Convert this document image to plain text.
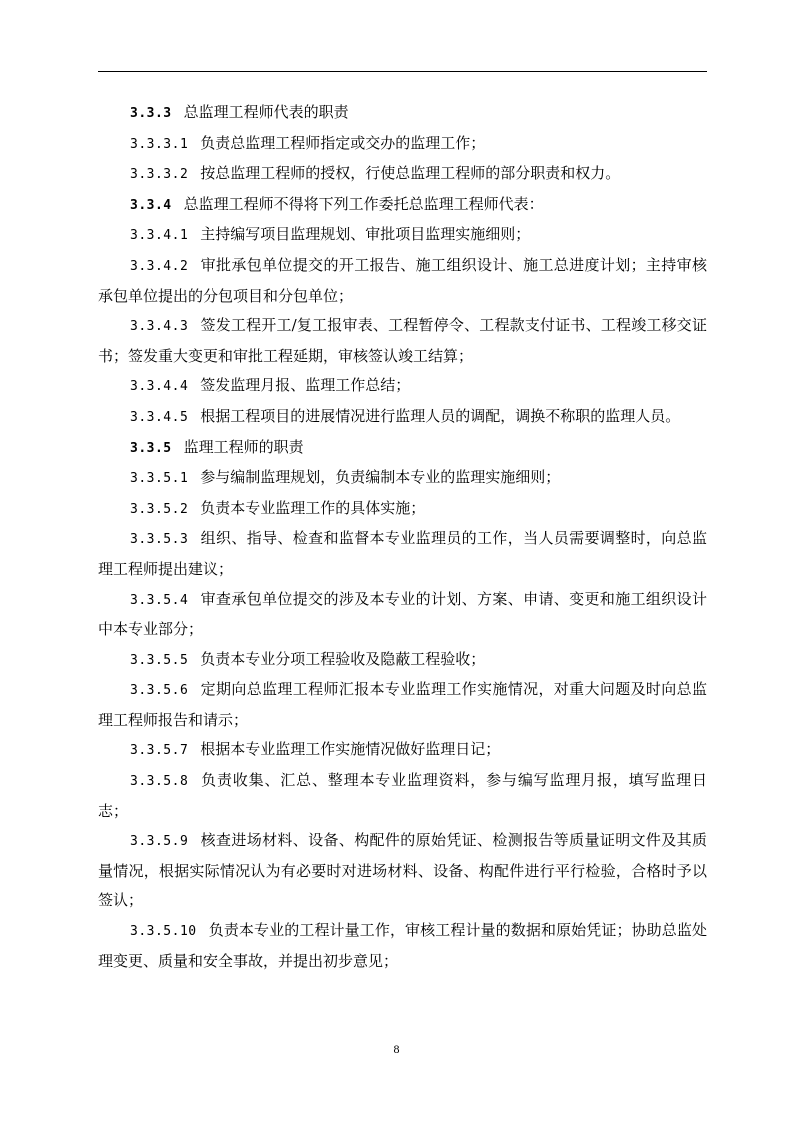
3.3.3 总监理工程师代表的职责

3.3.3.1 负责总监理工程师指定或交办的监理工作；

3.3.3.2 按总监理工程师的授权，行使总监理工程师的部分职责和权力。

3.3.4 总监理工程师不得将下列工作委托总监理工程师代表：

3.3.4.1 主持编写项目监理规划、审批项目监理实施细则；

3.3.4.2 审批承包单位提交的开工报告、施工组织设计、施工总进度计划；主持审核承包单位提出的分包项目和分包单位；

3.3.4.3 签发工程开工/复工报审表、工程暂停令、工程款支付证书、工程竣工移交证书；签发重大变更和审批工程延期，审核签认竣工结算；

3.3.4.4 签发监理月报、监理工作总结；

3.3.4.5 根据工程项目的进展情况进行监理人员的调配，调换不称职的监理人员。

3.3.5 监理工程师的职责

3.3.5.1 参与编制监理规划，负责编制本专业的监理实施细则；

3.3.5.2 负责本专业监理工作的具体实施；

3.3.5.3 组织、指导、检查和监督本专业监理员的工作，当人员需要调整时，向总监理工程师提出建议；

3.3.5.4 审查承包单位提交的涉及本专业的计划、方案、申请、变更和施工组织设计中本专业部分；

3.3.5.5 负责本专业分项工程验收及隐蔽工程验收；

3.3.5.6 定期向总监理工程师汇报本专业监理工作实施情况，对重大问题及时向总监理工程师报告和请示；

3.3.5.7 根据本专业监理工作实施情况做好监理日记；

3.3.5.8 负责收集、汇总、整理本专业监理资料，参与编写监理月报，填写监理日志；

3.3.5.9 核查进场材料、设备、构配件的原始凭证、检测报告等质量证明文件及其质量情况，根据实际情况认为有必要时对进场材料、设备、构配件进行平行检验，合格时予以签认；

3.3.5.10 负责本专业的工程计量工作，审核工程计量的数据和原始凭证；协助总监处理变更、质量和安全事故，并提出初步意见；

8
